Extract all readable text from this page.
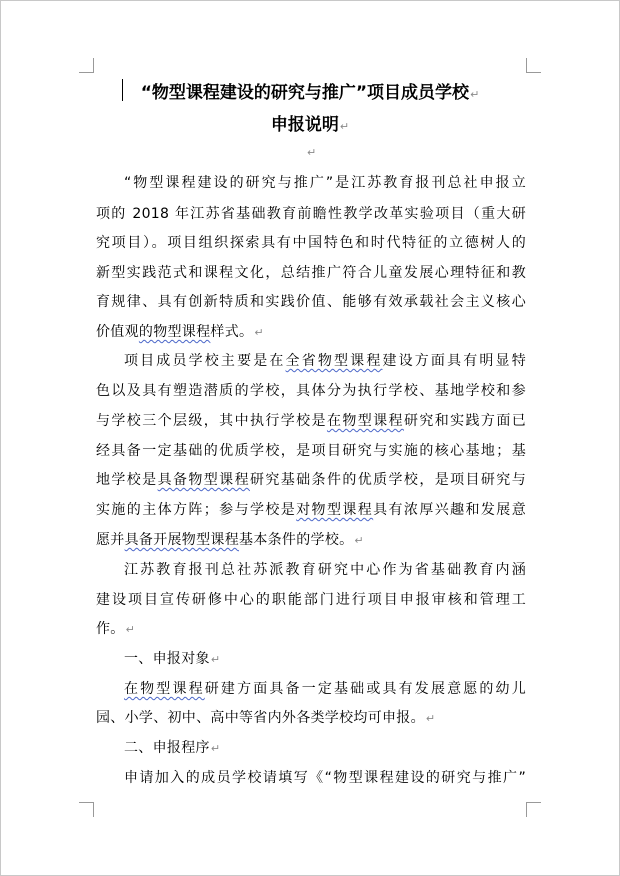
“物型课程建设的研究与推广”项目成员学校↵
申报说明↵
↵
“物型课程建设的研究与推广”是江苏教育报刊总社申报立
项的 2018 年江苏省基础教育前瞻性教学改革实验项目（重大研
究项目）。项目组织探索具有中国特色和时代特征的立德树人的
新型实践范式和课程文化，总结推广符合儿童发展心理特征和教
育规律、具有创新特质和实践价值、能够有效承载社会主义核心
价值观的物型课程样式。↵
项目成员学校主要是在全省物型课程建设方面具有明显特
色以及具有塑造潜质的学校，具体分为执行学校、基地学校和参
与学校三个层级，其中执行学校是在物型课程研究和实践方面已
经具备一定基础的优质学校，是项目研究与实施的核心基地；基
地学校是具备物型课程研究基础条件的优质学校，是项目研究与
实施的主体方阵；参与学校是对物型课程具有浓厚兴趣和发展意
愿并具备开展物型课程基本条件的学校。↵
江苏教育报刊总社苏派教育研究中心作为省基础教育内涵
建设项目宣传研修中心的职能部门进行项目申报审核和管理工
作。↵
一、申报对象↵
在物型课程研建方面具备一定基础或具有发展意愿的幼儿
园、小学、初中、高中等省内外各类学校均可申报。↵
二、申报程序↵
申请加入的成员学校请填写《“物型课程建设的研究与推广”
